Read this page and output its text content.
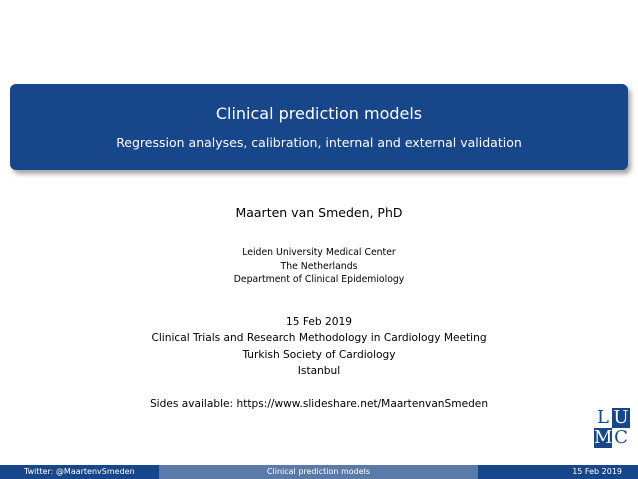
Clinical prediction models
Regression analyses, calibration, internal and external validation
Maarten van Smeden, PhD
Leiden University Medical Center
The Netherlands
Department of Clinical Epidemiology
15 Feb 2019
Clinical Trials and Research Methodology in Cardiology Meeting
Turkish Society of Cardiology
Istanbul
Sides available: https://www.slideshare.net/MaartenvanSmeden
L U
M C
Twitter: @MaartenvSmeden	Clinical prediction models	15 Feb 2019
